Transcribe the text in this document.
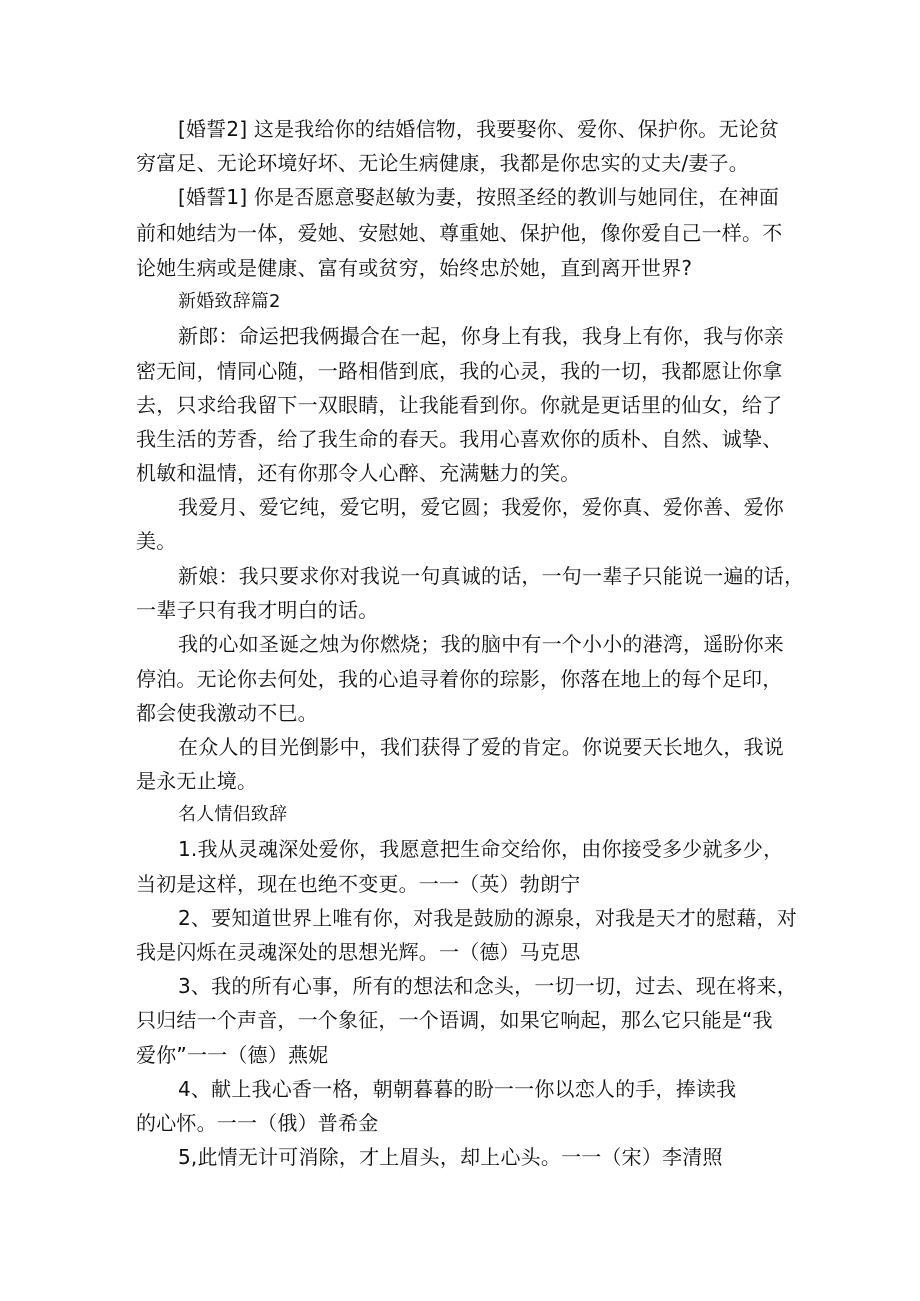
[婚誓2] 这是我给你的结婚信物，我要娶你、爱你、保护你。无论贫
穷富足、无论环境好坏、无论生病健康，我都是你忠实的丈夫/妻子。
[婚誓1] 你是否愿意娶赵敏为妻，按照圣经的教训与她同住，在神面
前和她结为一体，爱她、安慰她、尊重她、保护他，像你爱自己一样。不
论她生病或是健康、富有或贫穷，始终忠於她，直到离开世界?
新婚致辞篇2
新郎：命运把我俩撮合在一起，你身上有我，我身上有你，我与你亲
密无间，情同心随，一路相偕到底，我的心灵，我的一切，我都愿让你拿
去，只求给我留下一双眼睛，让我能看到你。你就是更话里的仙女，给了
我生活的芳香，给了我生命的春天。我用心喜欢你的质朴、自然、诚挚、
机敏和温情，还有你那令人心醉、充满魅力的笑。
我爱月、爱它纯，爱它明，爱它圆；我爱你，爱你真、爱你善、爱你
美。
新娘：我只要求你对我说一句真诚的话，一句一辈子只能说一遍的话，
一辈子只有我才明白的话。
我的心如圣诞之烛为你燃烧；我的脑中有一个小小的港湾，遥盼你来
停泊。无论你去何处，我的心追寻着你的琮影，你落在地上的每个足印，
都会使我激动不巳。
在众人的目光倒影中，我们获得了爱的肯定。你说要天长地久，我说
是永无止境。
名人情侣致辞
1.我从灵魂深处爱你，我愿意把生命交给你，由你接受多少就多少，
当初是这样，现在也绝不变更。一一（英）勃朗宁
2、要知道世界上唯有你，对我是鼓励的源泉，对我是天才的慰藉，对
我是闪烁在灵魂深处的思想光辉。一（德）马克思
3、我的所有心事，所有的想法和念头，一切一切，过去、现在将来，
只归结一个声音，一个象征，一个语调，如果它响起，那么它只能是“我
爱你”一一（德）燕妮
4、献上我心香一格，朝朝暮暮的盼一一你以恋人的手，捧读我
的心怀。一一（俄）普希金
5,此情无计可消除，才上眉头，却上心头。一一（宋）李清照
